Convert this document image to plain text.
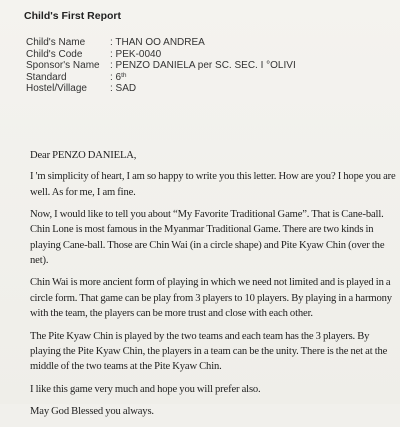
Child's First Report
Child's Name	: THAN OO ANDREA
Child's Code	: PEK-0040
Sponsor's Name	: PENZO DANIELA per SC. SEC. I °OLIVI
Standard	: 6th
Hostel/Village	: SAD

Dear PENZO DANIELA,

I 'm simplicity of heart, I am so happy to write you this letter. How are you? I hope you are well. As for me, I am fine.

Now, I would like to tell you about “My Favorite Traditional Game”. That is Cane-ball. Chin Lone is most famous in the Myanmar Traditional Game. There are two kinds in playing Cane-ball. Those are Chin Wai (in a circle shape) and Pite Kyaw Chin (over the net).

Chin Wai is more ancient form of playing in which we need not limited and is played in a circle form. That game can be play from 3 players to 10 players. By playing in a harmony with the team, the players can be more trust and close with each other.

The Pite Kyaw Chin is played by the two teams and each team has the 3 players. By playing the Pite Kyaw Chin, the players in a team can be the unity. There is the net at the middle of the two teams at the Pite Kyaw Chin.

I like this game very much and hope you will prefer also.

May God Blessed you always.
